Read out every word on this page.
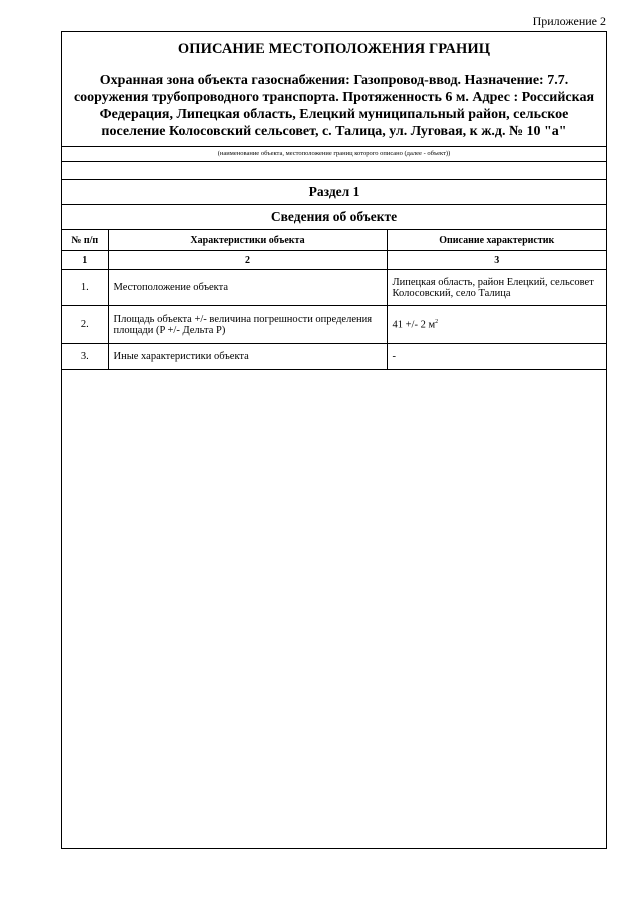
Приложение 2
ОПИСАНИЕ МЕСТОПОЛОЖЕНИЯ ГРАНИЦ
Охранная зона объекта газоснабжения: Газопровод-ввод. Назначение: 7.7. сооружения трубопроводного транспорта. Протяженность 6 м. Адрес : Российская Федерация, Липецкая область, Елецкий муниципальный район, сельское поселение Колосовский сельсовет, с. Талица, ул. Луговая, к ж.д. № 10 "а"
(наименование объекта, местоположение границ которого описано (далее - объект))
Раздел 1
Сведения об объекте
№ п/п	Характеристики объекта	Описание характеристик
1	2	3
1.	Местоположение объекта	Липецкая область, район Елецкий, сельсовет Колосовский, село Талица
2.	Площадь объекта +/- величина погрешности определения площади (P +/- Дельта P)	41 +/- 2 $м^2$
3.	Иные характеристики объекта	-
